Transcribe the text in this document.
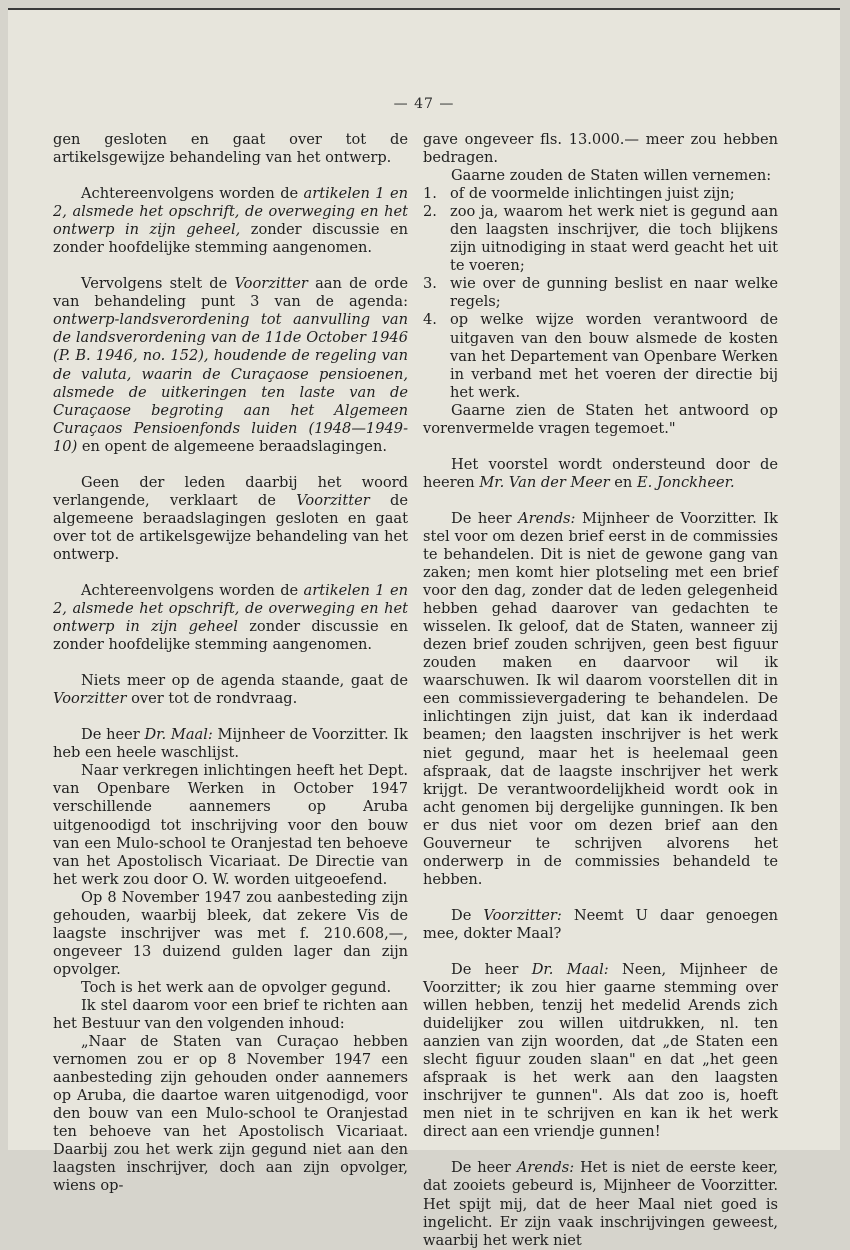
— 47 —

gen gesloten en gaat over tot de artikelsgewijze behandeling van het ontwerp.

Achtereenvolgens worden de artikelen 1 en 2, alsmede het opschrift, de overweging en het ontwerp in zijn geheel, zonder discussie en zonder hoofdelijke stemming aangenomen.

Vervolgens stelt de Voorzitter aan de orde van behandeling punt 3 van de agenda: ontwerp-landsverordening tot aanvulling van de landsverordening van de 11de October 1946 (P. B. 1946, no. 152), houdende de regeling van de valuta, waarin de Curaçaose pensioenen, alsmede de uitkeringen ten laste van de Curaçaose begroting aan het Algemeen Curaçaos Pensioenfonds luiden (1948—1949-10) en opent de algemeene beraadslagingen.

Geen der leden daarbij het woord verlangende, verklaart de Voorzitter de algemeene beraadslagingen gesloten en gaat over tot de artikelsgewijze behandeling van het ontwerp.

Achtereenvolgens worden de artikelen 1 en 2, alsmede het opschrift, de overweging en het ontwerp in zijn geheel zonder discussie en zonder hoofdelijke stemming aangenomen.

Niets meer op de agenda staande, gaat de Voorzitter over tot de rondvraag.

De heer Dr. Maal: Mijnheer de Voorzitter. Ik heb een heele waschlijst.

Naar verkregen inlichtingen heeft het Dept. van Openbare Werken in October 1947 verschillende aannemers op Aruba uitgenoodigd tot inschrijving voor den bouw van een Mulo-school te Oranjestad ten behoeve van het Apostolisch Vicariaat. De Directie van het werk zou door O. W. worden uitgeoefend.

Op 8 November 1947 zou aanbesteding zijn gehouden, waarbij bleek, dat zekere Vis de laagste inschrijver was met f. 210.608,—, ongeveer 13 duizend gulden lager dan zijn opvolger.

Toch is het werk aan de opvolger gegund.

Ik stel daarom voor een brief te richten aan het Bestuur van den volgenden inhoud:

„Naar de Staten van Curaçao hebben vernomen zou er op 8 November 1947 een aanbesteding zijn gehouden onder aannemers op Aruba, die daartoe waren uitgenodigd, voor den bouw van een Mulo-school te Oranjestad ten behoeve van het Apostolisch Vicariaat. Daarbij zou het werk zijn gegund niet aan den laagsten inschrijver, doch aan zijn opvolger, wiens op-

gave ongeveer fls. 13.000.— meer zou hebben bedragen.

Gaarne zouden de Staten willen vernemen:

1. of de voormelde inlichtingen juist zijn;
2. zoo ja, waarom het werk niet is gegund aan den laagsten inschrijver, die toch blijkens zijn uitnodiging in staat werd geacht het uit te voeren;
3. wie over de gunning beslist en naar welke regels;
4. op welke wijze worden verantwoord de uitgaven van den bouw alsmede de kosten van het Departement van Openbare Werken in verband met het voeren der directie bij het werk.

Gaarne zien de Staten het antwoord op vorenvermelde vragen tegemoet."

Het voorstel wordt ondersteund door de heeren Mr. Van der Meer en E. Jonckheer.

De heer Arends: Mijnheer de Voorzitter. Ik stel voor om dezen brief eerst in de commissies te behandelen. Dit is niet de gewone gang van zaken; men komt hier plotseling met een brief voor den dag, zonder dat de leden gelegenheid hebben gehad daarover van gedachten te wisselen. Ik geloof, dat de Staten, wanneer zij dezen brief zouden schrijven, geen best figuur zouden maken en daarvoor wil ik waarschuwen. Ik wil daarom voorstellen dit in een commissievergadering te behandelen. De inlichtingen zijn juist, dat kan ik inderdaad beamen; den laagsten inschrijver is het werk niet gegund, maar het is heelemaal geen afspraak, dat de laagste inschrijver het werk krijgt. De verantwoordelijkheid wordt ook in acht genomen bij dergelijke gunningen. Ik ben er dus niet voor om dezen brief aan den Gouverneur te schrijven alvorens het onderwerp in de commissies behandeld te hebben.

De Voorzitter: Neemt U daar genoegen mee, dokter Maal?

De heer Dr. Maal: Neen, Mijnheer de Voorzitter; ik zou hier gaarne stemming over willen hebben, tenzij het medelid Arends zich duidelijker zou willen uitdrukken, nl. ten aanzien van zijn woorden, dat „de Staten een slecht figuur zouden slaan" en dat „het geen afspraak is het werk aan den laagsten inschrijver te gunnen". Als dat zoo is, hoeft men niet in te schrijven en kan ik het werk direct aan een vriendje gunnen!

De heer Arends: Het is niet de eerste keer, dat zooiets gebeurd is, Mijnheer de Voorzitter. Het spijt mij, dat de heer Maal niet goed is ingelicht. Er zijn vaak inschrijvingen geweest, waarbij het werk niet
